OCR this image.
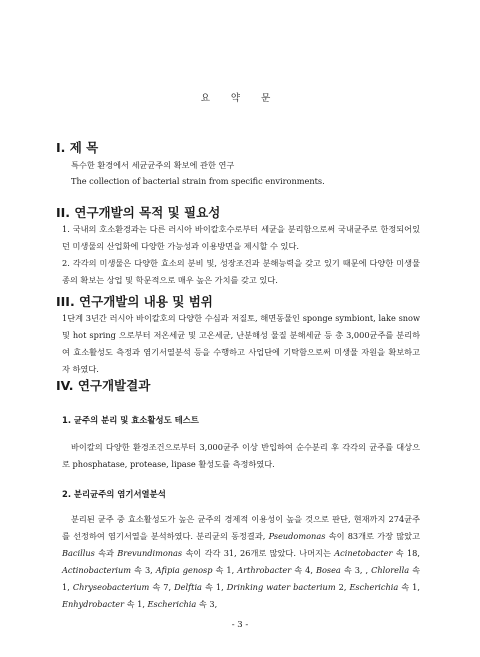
요 약 문

I. 제 목

특수한 환경에서 세균균주의 확보에 관한 연구

The collection of bacterial strain from specific environments.

II. 연구개발의 목적 및 필요성

1. 국내의 호소환경과는 다른 러시아 바이칼호수로부터 세균을 분리함으로써 국내균주로 한정되어있던 미생물의 산업화에 다양한 가능성과 이용방면을 제시할 수 있다.

2. 각각의 미생물은 다양한 효소의 분비 및, 성장조건과 분해능력을 갖고 있기 때문에 다양한 미생물 종의 확보는 상업 및 학문적으로 매우 높은 가치를 갖고 있다.

III. 연구개발의 내용 및 범위

1단계 3년간 러시아 바이칼호의 다양한 수심과 저질토, 해면동물인 sponge symbiont, lake snow 및 hot spring 으로부터 저온세균 및 고온세균, 난분해성 물질 분해세균 등 총 3,000균주를 분리하여 효소활성도 측정과 염기서열분석 등을 수행하고 사업단에 기탁함으로써 미생물 자원을 확보하고자 하였다.

IV. 연구개발결과

1. 균주의 분리 및 효소활성도 테스트

바이칼의 다양한 환경조건으로부터 3,000균주 이상 반입하여 순수분리 후 각각의 균주를 대상으로 phosphatase, protease, lipase 활성도를 측정하였다.

2. 분리균주의 염기서열분석

분리된 균주 중 효소활성도가 높은 균주의 경제적 이용성이 높을 것으로 판단, 현재까지 274균주를 선정하여 염기서열을 분석하였다. 분리균의 동정결과, Pseudomonas 속이 83개로 가장 많았고 Bacillus 속과 Brevundimonas 속이 각각 31, 26개로 많았다. 나머지는 Acinetobacter 속 18, Actinobacterium 속 3, Afipia genosp 속 1, Arthrobacter 속 4, Bosea 속 3, , Chlorella 속 1, Chryseobacterium 속 7, Delftia 속 1, Drinking water bacterium 2, Escherichia 속 1, Enhydrobacter 속 1, Escherichia 속 3,

- 3 -
